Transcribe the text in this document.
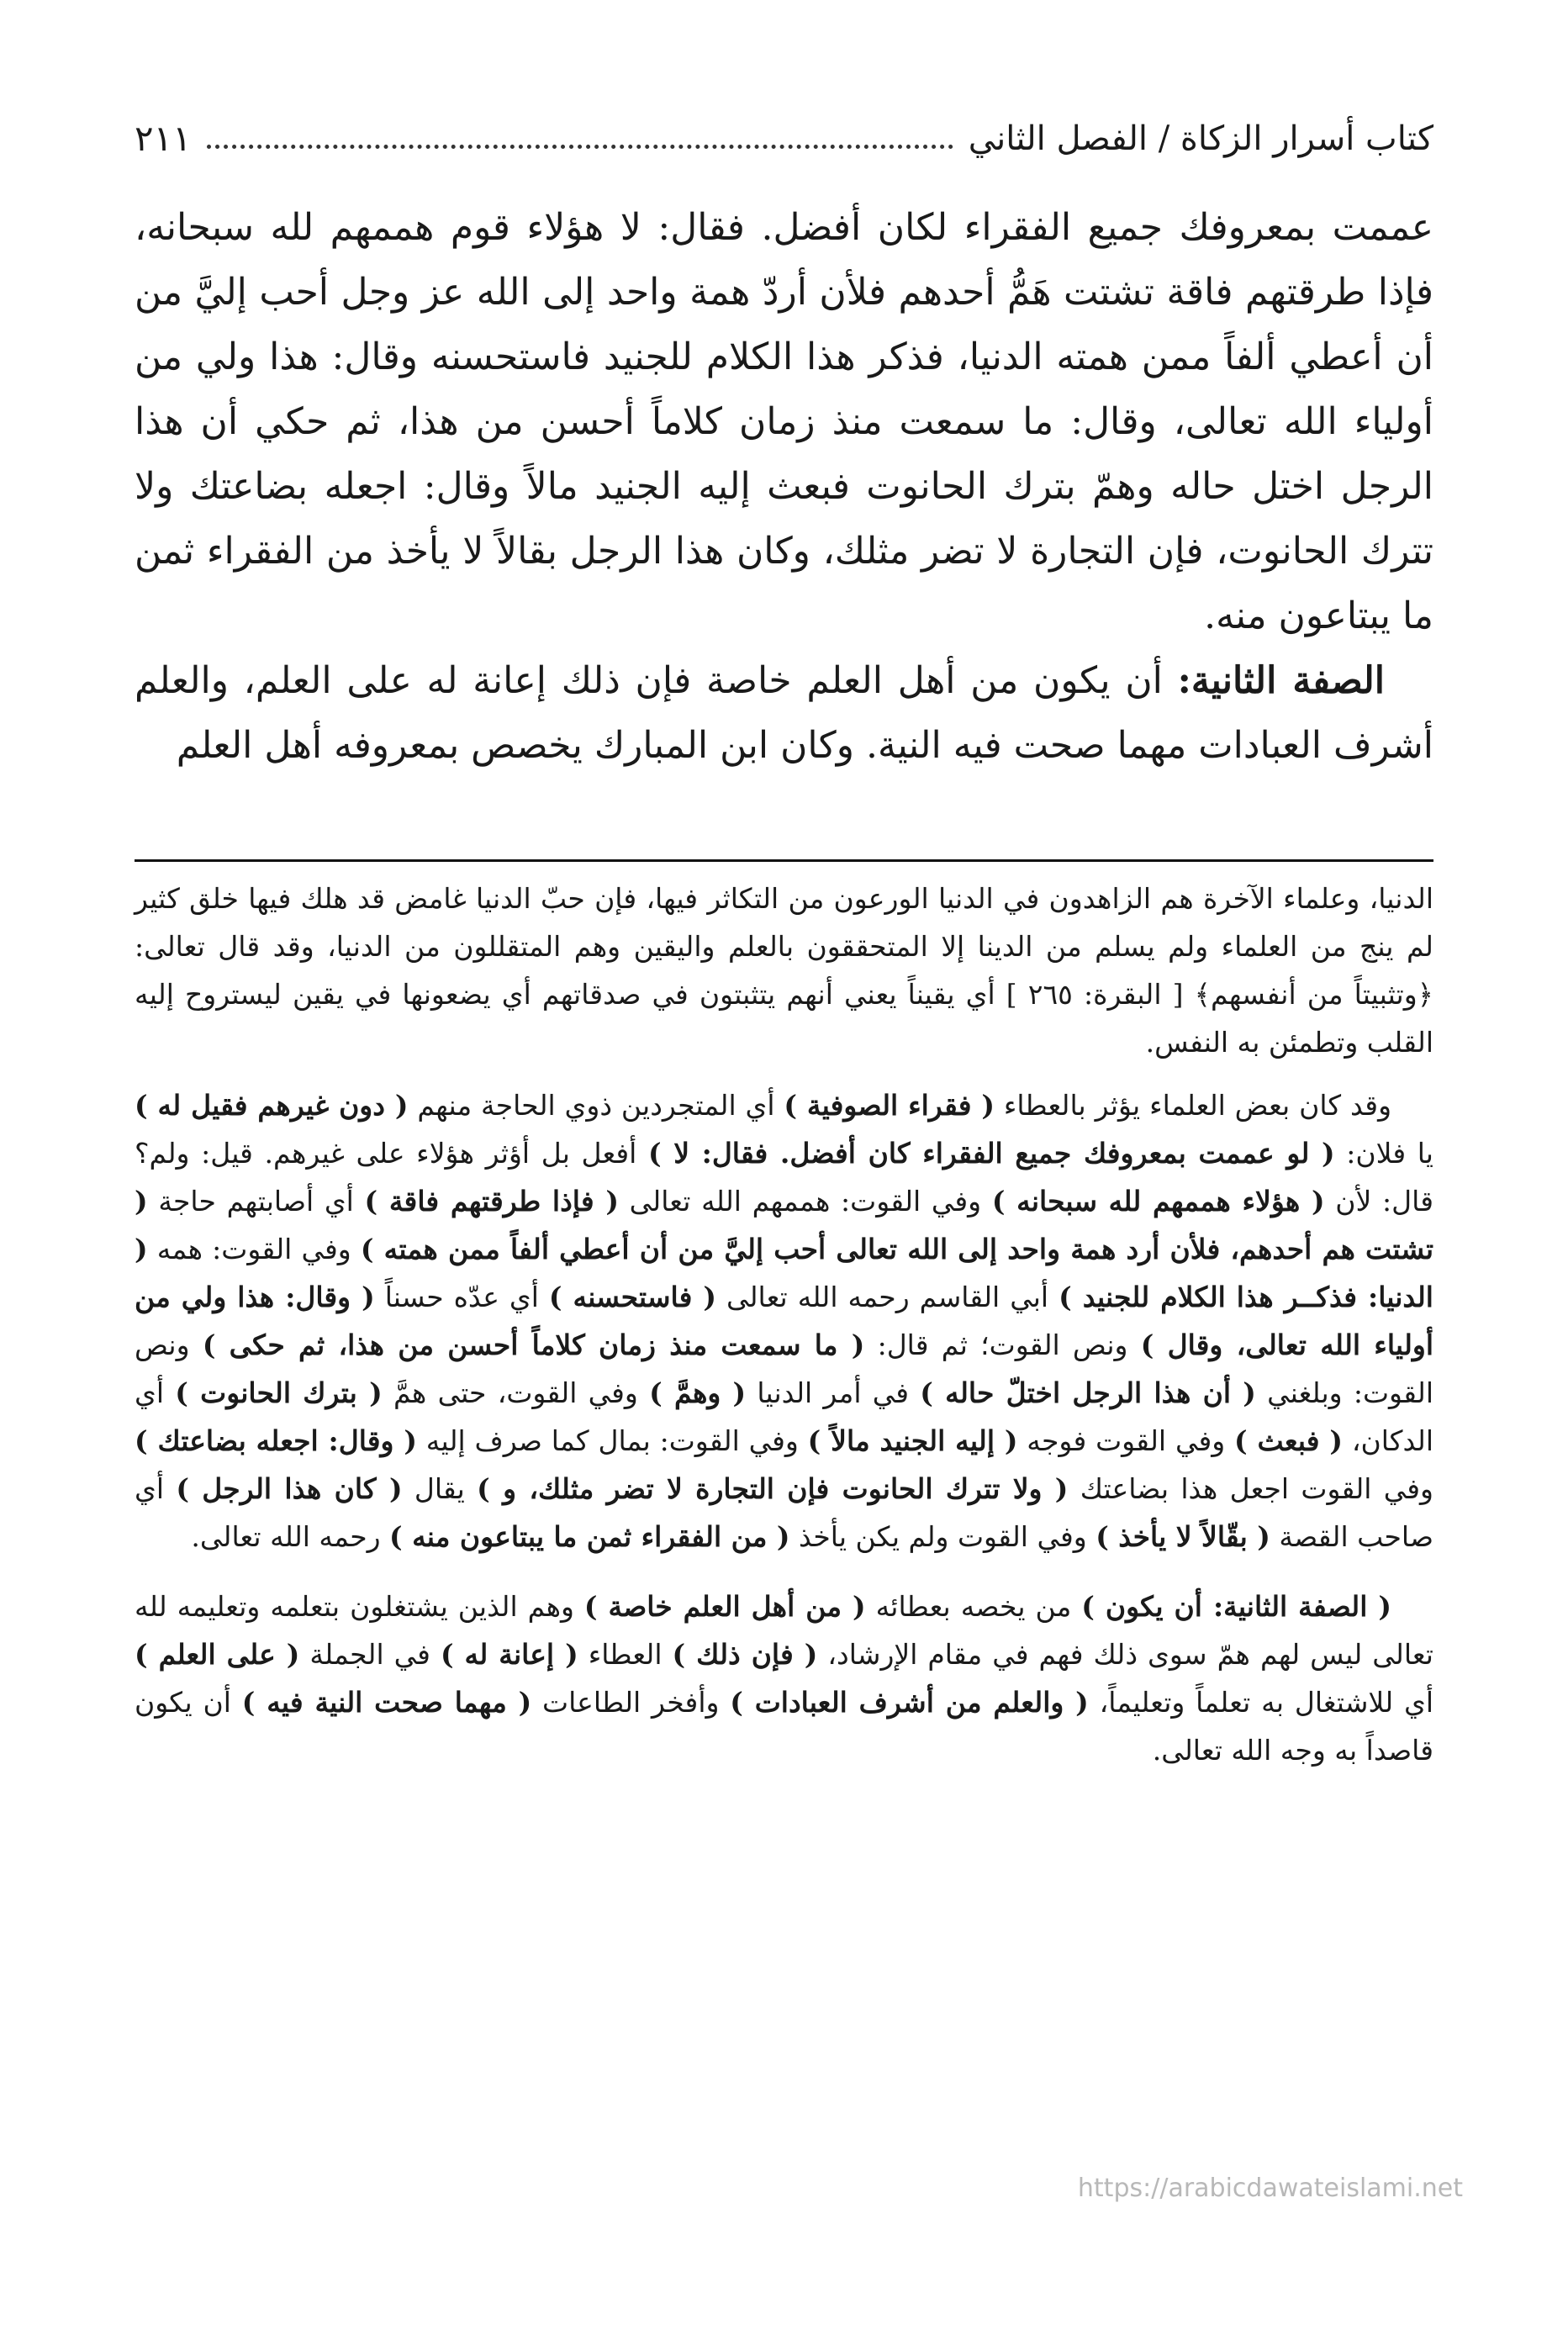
كتاب أسرار الزكاة / الفصل الثاني
٢١١

عممت بمعروفك جميع الفقراء لكان أفضل. فقال: لا هؤلاء قوم هممهم لله سبحانه، فإذا طرقتهم فاقة تشتت هَمُّ أحدهم فلأن أردّ همة واحد إلى الله عز وجل أحب إليَّ من أن أعطي ألفاً ممن همته الدنيا، فذكر هذا الكلام للجنيد فاستحسنه وقال: هذا ولي من أولياء الله تعالى، وقال: ما سمعت منذ زمان كلاماً أحسن من هذا، ثم حكي أن هذا الرجل اختل حاله وهمّ بترك الحانوت فبعث إليه الجنيد مالاً وقال: اجعله بضاعتك ولا تترك الحانوت، فإن التجارة لا تضر مثلك، وكان هذا الرجل بقالاً لا يأخذ من الفقراء ثمن ما يبتاعون منه.

الصفة الثانية: أن يكون من أهل العلم خاصة فإن ذلك إعانة له على العلم، والعلم أشرف العبادات مهما صحت فيه النية. وكان ابن المبارك يخصص بمعروفه أهل العلم

الدنيا، وعلماء الآخرة هم الزاهدون في الدنيا الورعون من التكاثر فيها، فإن حبّ الدنيا غامض قد هلك فيها خلق كثير لم ينج من العلماء ولم يسلم من الدينا إلا المتحققون بالعلم واليقين وهم المتقللون من الدنيا، وقد قال تعالى: ﴿وتثبيتاً من أنفسهم﴾ [ البقرة: ٢٦٥ ] أي يقيناً يعني أنهم يتثبتون في صدقاتهم أي يضعونها في يقين ليستروح إليه القلب وتطمئن به النفس.

وقد كان بعض العلماء يؤثر بالعطاء ( فقراء الصوفية ) أي المتجردين ذوي الحاجة منهم ( دون غيرهم فقيل له ) يا فلان: ( لو عممت بمعروفك جميع الفقراء كان أفضل. فقال: لا ) أفعل بل أؤثر هؤلاء على غيرهم. قيل: ولم؟ قال: لأن ( هؤلاء هممهم لله سبحانه ) وفي القوت: هممهم الله تعالى ( فإذا طرقتهم فاقة ) أي أصابتهم حاجة ( تشتت هم أحدهم، فلأن أرد همة واحد إلى الله تعالى أحب إليَّ من أن أعطي ألفاً ممن همته ) وفي القوت: همه ( الدنيا: فذكــر هذا الكلام للجنيد ) أبي القاسم رحمه الله تعالى ( فاستحسنه ) أي عدّه حسناً ( وقال: هذا ولي من أولياء الله تعالى، وقال ) ونص القوت؛ ثم قال: ( ما سمعت منذ زمان كلاماً أحسن من هذا، ثم حكى ) ونص القوت: وبلغني ( أن هذا الرجل اختلّ حاله ) في أمر الدنيا ( وهمَّ ) وفي القوت، حتى همَّ ( بترك الحانوت ) أي الدكان، ( فبعث ) وفي القوت فوجه ( إليه الجنيد مالاً ) وفي القوت: بمال كما صرف إليه ( وقال: اجعله بضاعتك ) وفي القوت اجعل هذا بضاعتك ( ولا تترك الحانوت فإن التجارة لا تضر مثلك، و ) يقال ( كان هذا الرجل ) أي صاحب القصة ( بقّالاً لا يأخذ ) وفي القوت ولم يكن يأخذ ( من الفقراء ثمن ما يبتاعون منه ) رحمه الله تعالى.

( الصفة الثانية: أن يكون ) من يخصه بعطائه ( من أهل العلم خاصة ) وهم الذين يشتغلون بتعلمه وتعليمه لله تعالى ليس لهم همّ سوى ذلك فهم في مقام الإرشاد، ( فإن ذلك ) العطاء ( إعانة له ) في الجملة ( على العلم ) أي للاشتغال به تعلماً وتعليماً، ( والعلم من أشرف العبادات ) وأفخر الطاعات ( مهما صحت النية فيه ) أن يكون قاصداً به وجه الله تعالى.

https://arabicdawateislami.net
